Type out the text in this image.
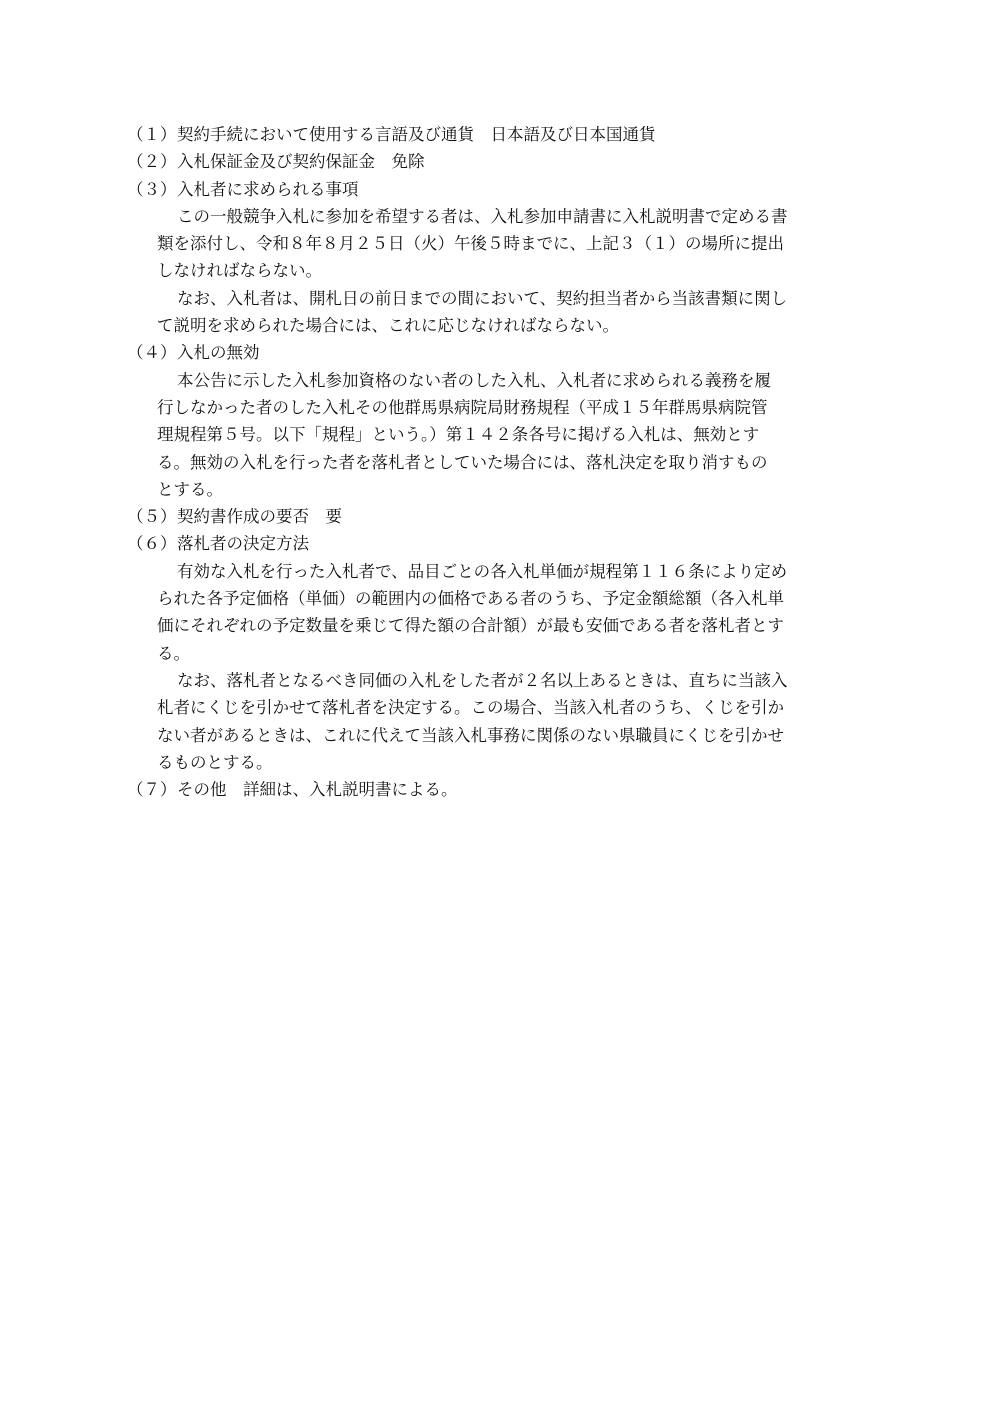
（１）契約手続において使用する言語及び通貨　日本語及び日本国通貨
（２）入札保証金及び契約保証金　免除
（３）入札者に求められる事項
この一般競争入札に参加を希望する者は、入札参加申請書に入札説明書で定める書
類を添付し、令和８年８月２５日（火）午後５時までに、上記３（１）の場所に提出
しなければならない。
なお、入札者は、開札日の前日までの間において、契約担当者から当該書類に関し
て説明を求められた場合には、これに応じなければならない。
（４）入札の無効
本公告に示した入札参加資格のない者のした入札、入札者に求められる義務を履
行しなかった者のした入札その他群馬県病院局財務規程（平成１５年群馬県病院管
理規程第５号。以下「規程」という。）第１４２条各号に掲げる入札は、無効とす
る。無効の入札を行った者を落札者としていた場合には、落札決定を取り消すもの
とする。
（５）契約書作成の要否　要
（６）落札者の決定方法
有効な入札を行った入札者で、品目ごとの各入札単価が規程第１１６条により定め
られた各予定価格（単価）の範囲内の価格である者のうち、予定金額総額（各入札単
価にそれぞれの予定数量を乗じて得た額の合計額）が最も安価である者を落札者とす
る。
なお、落札者となるべき同価の入札をした者が２名以上あるときは、直ちに当該入
札者にくじを引かせて落札者を決定する。この場合、当該入札者のうち、くじを引か
ない者があるときは、これに代えて当該入札事務に関係のない県職員にくじを引かせ
るものとする。
（７）その他　詳細は、入札説明書による。
